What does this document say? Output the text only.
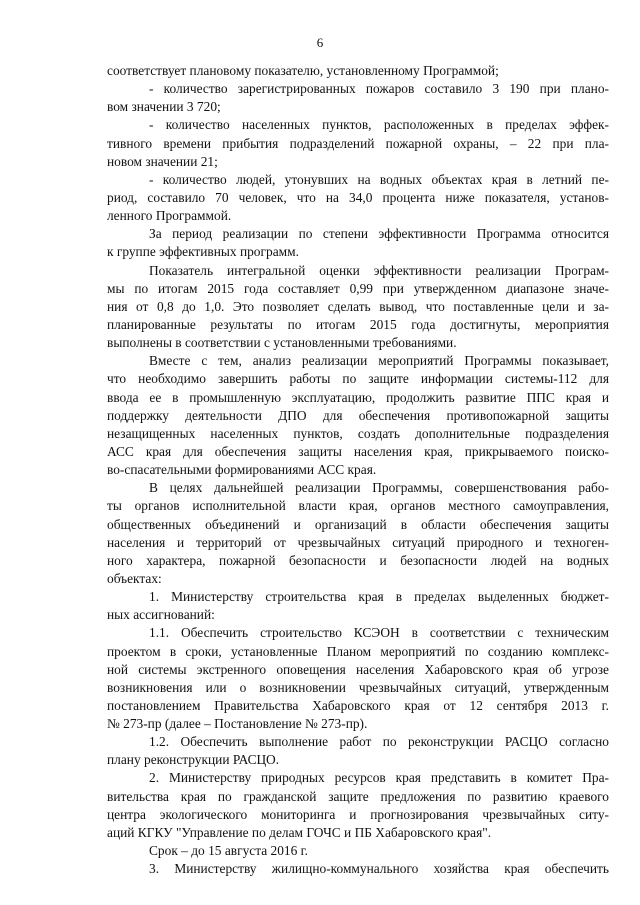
6
соответствует плановому показателю, установленному Программой;
- количество зарегистрированных пожаров составило 3 190 при плано-
вом значении 3 720;
- количество населенных пунктов, расположенных в пределах эффек-
тивного времени прибытия подразделений пожарной охраны, – 22 при пла-
новом значении 21;
- количество людей, утонувших на водных объектах края в летний пе-
риод, составило 70 человек, что на 34,0 процента ниже показателя, установ-
ленного Программой.
За период реализации по степени эффективности Программа относится
к группе эффективных программ.
Показатель интегральной оценки эффективности реализации Програм-
мы по итогам 2015 года составляет 0,99 при утвержденном диапазоне значе-
ния от 0,8 до 1,0. Это позволяет сделать вывод, что поставленные цели и за-
планированные результаты по итогам 2015 года достигнуты, мероприятия
выполнены в соответствии с установленными требованиями.
Вместе с тем, анализ реализации мероприятий Программы показывает,
что необходимо завершить работы по защите информации системы-112 для
ввода ее в промышленную эксплуатацию, продолжить развитие ППС края и
поддержку деятельности ДПО для обеспечения противопожарной защиты
незащищенных населенных пунктов, создать дополнительные подразделения
АСС края для обеспечения защиты населения края, прикрываемого поиско-
во-спасательными формированиями АСС края.
В целях дальнейшей реализации Программы, совершенствования рабо-
ты органов исполнительной власти края, органов местного самоуправления,
общественных объединений и организаций в области обеспечения защиты
населения и территорий от чрезвычайных ситуаций природного и техноген-
ного характера, пожарной безопасности и безопасности людей на водных
объектах:
1. Министерству строительства края в пределах выделенных бюджет-
ных ассигнований:
1.1. Обеспечить строительство КСЭОН в соответствии с техническим
проектом в сроки, установленные Планом мероприятий по созданию комплекс-
ной системы экстренного оповещения населения Хабаровского края об угрозе
возникновения или о возникновении чрезвычайных ситуаций, утвержденным
постановлением Правительства Хабаровского края от 12 сентября 2013 г.
№ 273-пр (далее – Постановление № 273-пр).
1.2. Обеспечить выполнение работ по реконструкции РАСЦО согласно
плану реконструкции РАСЦО.
2. Министерству природных ресурсов края представить в комитет Пра-
вительства края по гражданской защите предложения по развитию краевого
центра экологического мониторинга и прогнозирования чрезвычайных ситу-
аций КГКУ "Управление по делам ГОЧС и ПБ Хабаровского края".
Срок – до 15 августа 2016 г.
3. Министерству жилищно-коммунального хозяйства края обеспечить
